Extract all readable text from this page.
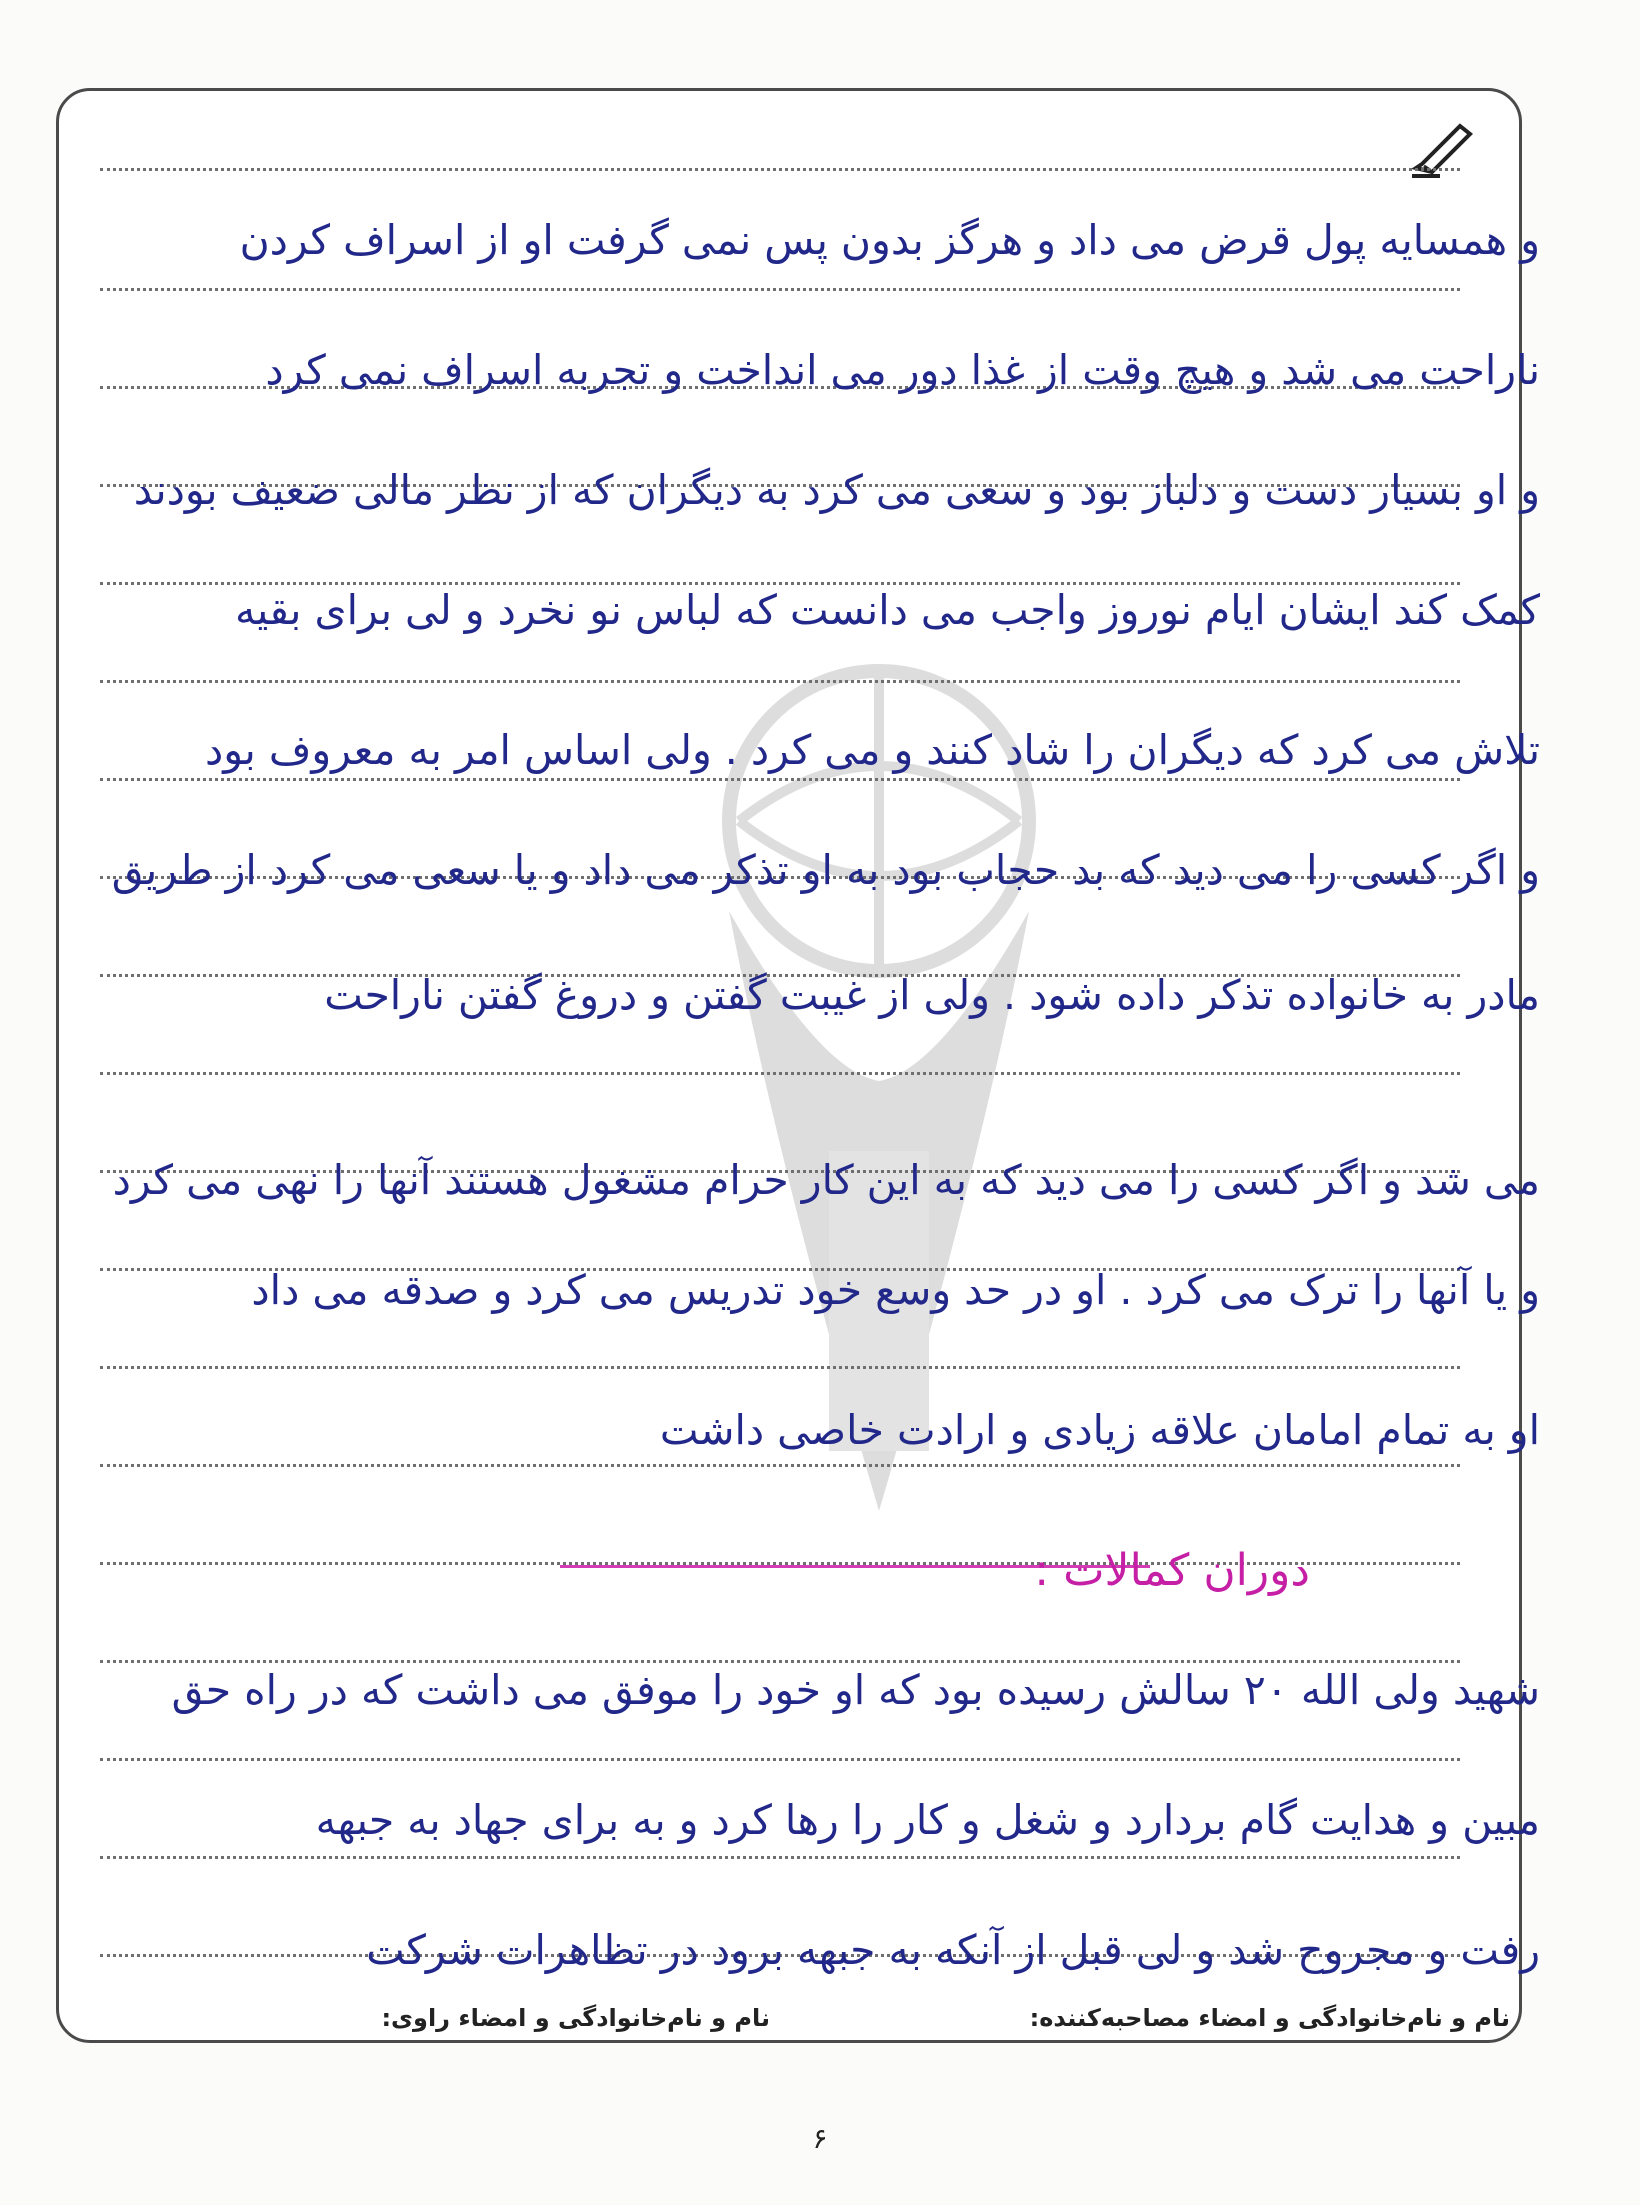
و همسایه پول قرض می داد و هرگز بدون پس نمی گرفت او از اسراف کردن
ناراحت می شد و هیچ وقت از غذا دور می انداخت و تجربه اسراف نمی کرد
و او بسیار دست و دلباز بود و سعی می کرد به دیگران که از نظر مالی ضعیف بودند
کمک کند ایشان ایام نوروز واجب می دانست که لباس نو نخرد و لی برای بقیه
تلاش می کرد که دیگران را شاد کنند و می کرد . ولی اساس امر به معروف بود
و اگر کسی را می دید که بد حجاب بود به او تذکر می داد و یا سعی می کرد از طریق
مادر به خانواده تذکر داده شود . ولی از غیبت گفتن و دروغ گفتن ناراحت
می شد و اگر کسی را می دید که به این کار حرام مشغول هستند آنها را نهی می کرد
و یا آنها را ترک می کرد . او در حد وسع خود تدریس می کرد و صدقه می داد
او به تمام امامان علاقه زیادی و ارادت خاصی داشت
دوران کمالات :
شهید ولی الله ۲۰ سالش رسیده بود که او خود را موفق می داشت که در راه حق
مبین و هدایت گام بردارد و شغل و کار را رها کرد و به برای جهاد به جبهه
رفت و مجروح شد و لی قبل از آنکه به جبهه برود در تظاهرات شرکت
نام و نام‌خانوادگی و امضاء مصاحبه‌کننده:
نام و نام‌خانوادگی و امضاء راوی:
۶
